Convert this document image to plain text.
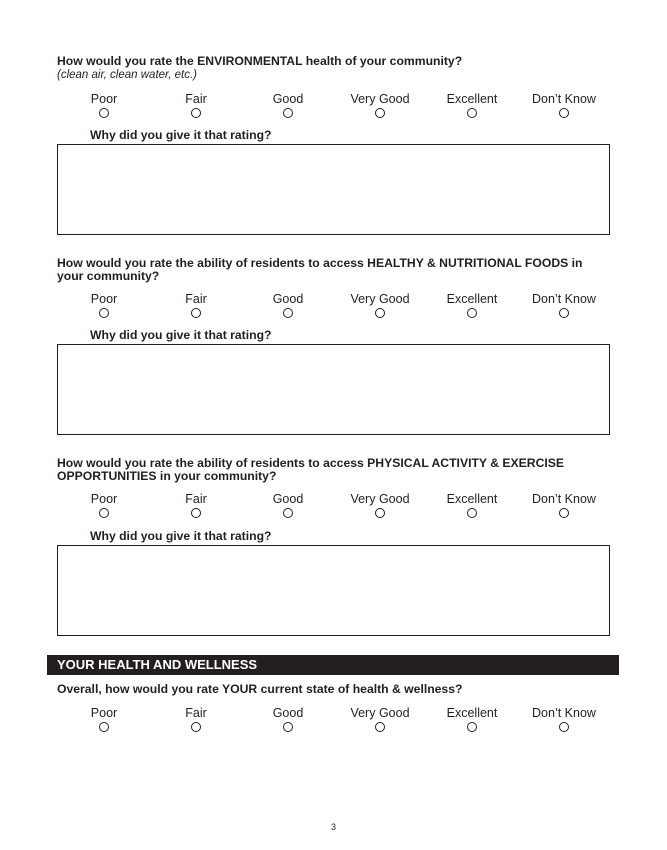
How would you rate the ENVIRONMENTAL health of your community?
(clean air, clean water, etc.)
Poor	Fair	Good	Very Good	Excellent	Don’t Know
Why did you give it that rating?
How would you rate the ability of residents to access HEALTHY & NUTRITIONAL FOODS in your community?
Poor	Fair	Good	Very Good	Excellent	Don’t Know
Why did you give it that rating?
How would you rate the ability of residents to access PHYSICAL ACTIVITY & EXERCISE OPPORTUNITIES in your community?
Poor	Fair	Good	Very Good	Excellent	Don’t Know
Why did you give it that rating?
YOUR HEALTH AND WELLNESS
Overall, how would you rate YOUR current state of health & wellness?
Poor	Fair	Good	Very Good	Excellent	Don’t Know
3
